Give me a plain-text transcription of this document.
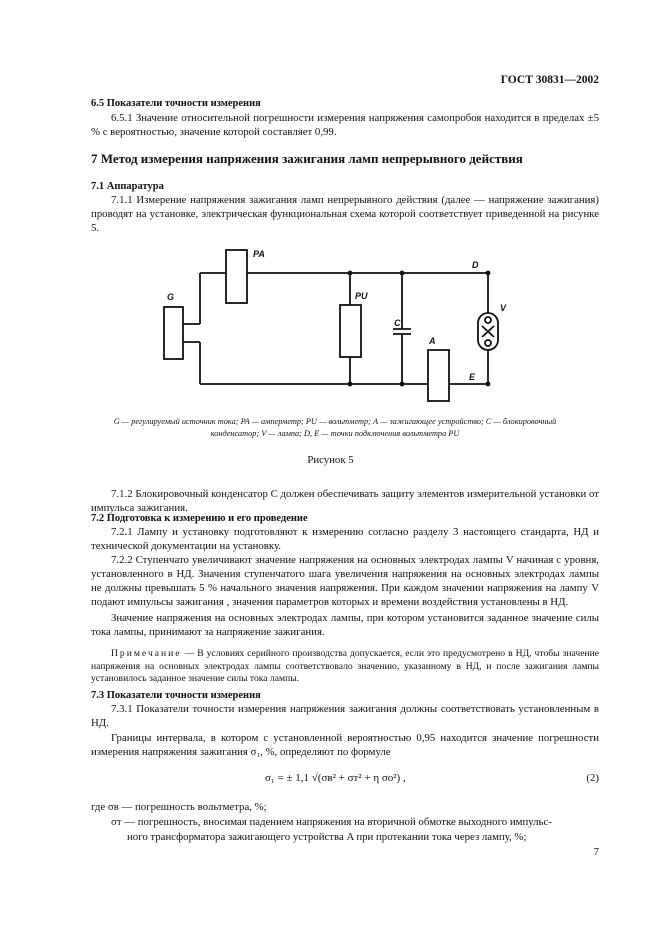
ГОСТ 30831—2002
6.5 Показатели точности измерения
6.5.1 Значение относительной погрешности измерения напряжения самопробоя находится в пределах ±5 % с вероятностью, значение которой составляет 0,99.
7 Метод измерения напряжения зажигания ламп непрерывного действия
7.1 Аппаратура
7.1.1 Измерение напряжения зажигания ламп непрерывного действия (далее — напряжение зажигания) проводят на установке, электрическая функциональная схема которой соответствует приведенной на рисунке 5.
G
PA
PU
C
A
V
D
E
G — регулируемый источник тока; PA — амперметр; PU — вольтметр; A — зажигающее устройство; C — блокировочный
конденсатор; V — лампа; D, E — точки подключения вольтметра PU
Рисунок 5
7.1.2 Блокировочный конденсатор C должен обеспечивать защиту элементов измерительной установки от импульса зажигания.
7.2 Подготовка к измерению и его проведение
7.2.1 Лампу и установку подготовляют к измерению согласно разделу 3 настоящего стандарта, НД и технической документации на установку.
7.2.2 Ступенчато увеличивают значение напряжения на основных электродах лампы V начиная с уровня, установленного в НД. Значения ступенчатого шага увеличения напряжения на основных электродах лампы не должны превышать 5 % начального значения напряжения. При каждом значении напряжения на лампу V подают импульсы зажигания , значения параметров которых и времени воздействия установлены в НД.
Значение напряжения на основных электродах лампы, при котором установится заданное значение силы тока лампы, принимают за напряжение зажигания.
Примечание — В условиях серийного производства допускается, если это предусмотрено в НД, чтобы значение напряжения на основных электродах лампы соответствовало значению, указанному в НД, и после зажигания лампы установилось заданное значение силы тока лампы.
7.3 Показатели точности измерения
7.3.1 Показатели точности измерения напряжения зажигания должны соответствовать установленным в НД.
Границы интервала, в котором с установленной вероятностью 0,95 находится значение погрешности измерения напряжения зажигания σ₁, %, определяют по формуле
σ₁ = ± 1,1 √(σв² + σт² + η σо²) ,	(2)
где σв — погрешность вольтметра, %;
σт — погрешность, вносимая падением напряжения на вторичной обмотке выходного импульс-
ного трансформатора зажигающего устройства A при протекании тока через лампу, %;
7
